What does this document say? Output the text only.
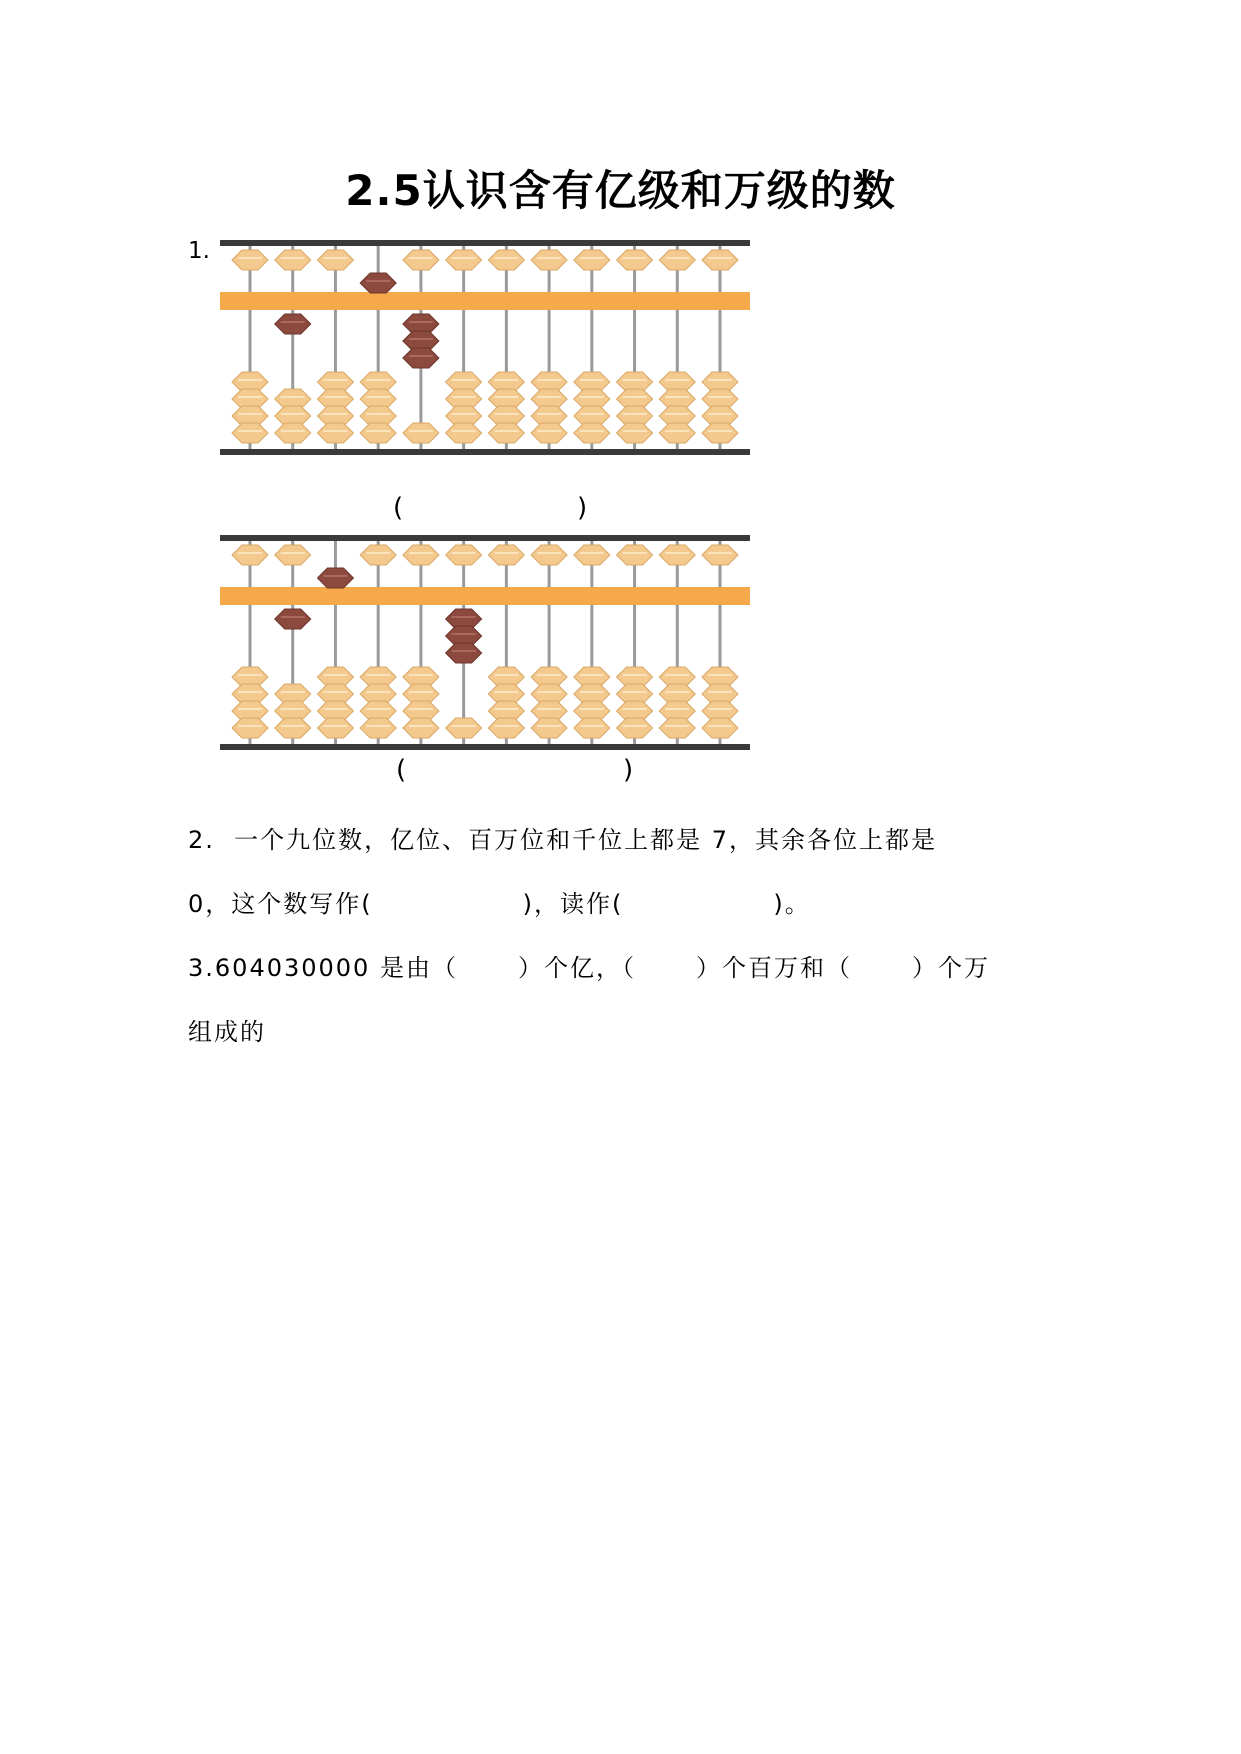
2.5认识含有亿级和万级的数
1.
(	)
(	)
2.  一个九位数，亿位、百万位和千位上都是 7，其余各位上都是
0，这个数写作(	)，读作(	)。
3.604030000 是由（	）个亿，（	）个百万和（	）个万
组成的
